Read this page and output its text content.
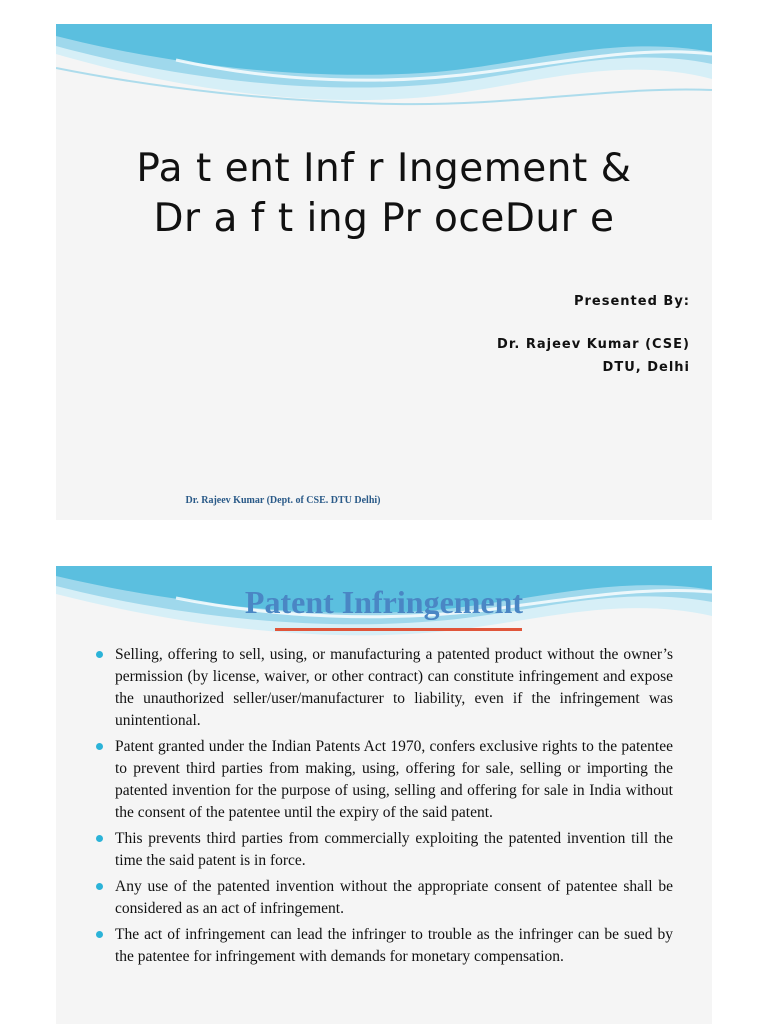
Pa t ent Inf r Ingement &
Dr a f t ing Pr oceDur e
Presented By:
Dr. Rajeev Kumar (CSE)
DTU, Delhi
Dr. Rajeev Kumar (Dept. of CSE. DTU Delhi)
Patent Infringement
Selling, offering to sell, using, or manufacturing a patented product without the owner’s permission (by license, waiver, or other contract) can constitute infringement and expose the unauthorized seller/user/manufacturer to liability, even if the infringement was unintentional.
Patent granted under the Indian Patents Act 1970, confers exclusive rights to the patentee to prevent third parties from making, using, offering for sale, selling or importing the patented invention for the purpose of using, selling and offering for sale in India without the consent of the patentee until the expiry of the said patent.
This prevents third parties from commercially exploiting the patented invention till the time the said patent is in force.
Any use of the patented invention without the appropriate consent of patentee shall be considered as an act of infringement.
The act of infringement can lead the infringer to trouble as the infringer can be sued by the patentee for infringement with demands for monetary compensation.
